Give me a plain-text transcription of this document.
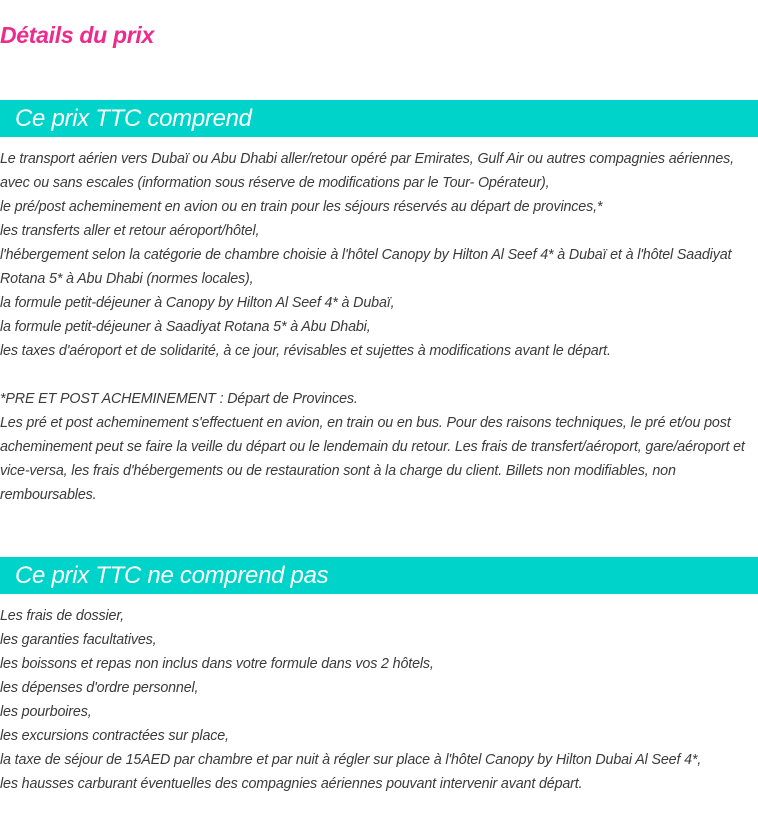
Détails du prix
Ce prix TTC comprend

Le transport aérien vers Dubaï ou Abu Dhabi aller/retour opéré par Emirates, Gulf Air ou autres compagnies aériennes, avec ou sans escales (information sous réserve de modifications par le Tour- Opérateur),

le pré/post acheminement en avion ou en train pour les séjours réservés au départ de provinces,*

les transferts aller et retour aéroport/hôtel,

l'hébergement selon la catégorie de chambre choisie à l'hôtel Canopy by Hilton Al Seef 4* à Dubaï et à l'hôtel Saadiyat Rotana 5* à Abu Dhabi (normes locales),

la formule petit-déjeuner à Canopy by Hilton Al Seef 4* à Dubaï,

la formule petit-déjeuner à Saadiyat Rotana 5* à Abu Dhabi,

les taxes d'aéroport et de solidarité, à ce jour, révisables et sujettes à modifications avant le départ.

*PRE ET POST ACHEMINEMENT : Départ de Provinces.

Les pré et post acheminement s'effectuent en avion, en train ou en bus. Pour des raisons techniques, le pré et/ou post acheminement peut se faire la veille du départ ou le lendemain du retour. Les frais de transfert/aéroport, gare/aéroport et vice-versa, les frais d'hébergements ou de restauration sont à la charge du client. Billets non modifiables, non remboursables.

Ce prix TTC ne comprend pas

Les frais de dossier,

les garanties facultatives,

les boissons et repas non inclus dans votre formule dans vos 2 hôtels,

les dépenses d'ordre personnel,

les pourboires,

les excursions contractées sur place,

la taxe de séjour de 15AED par chambre et par nuit à régler sur place à l'hôtel Canopy by Hilton Dubai Al Seef 4*,

les hausses carburant éventuelles des compagnies aériennes pouvant intervenir avant départ.
